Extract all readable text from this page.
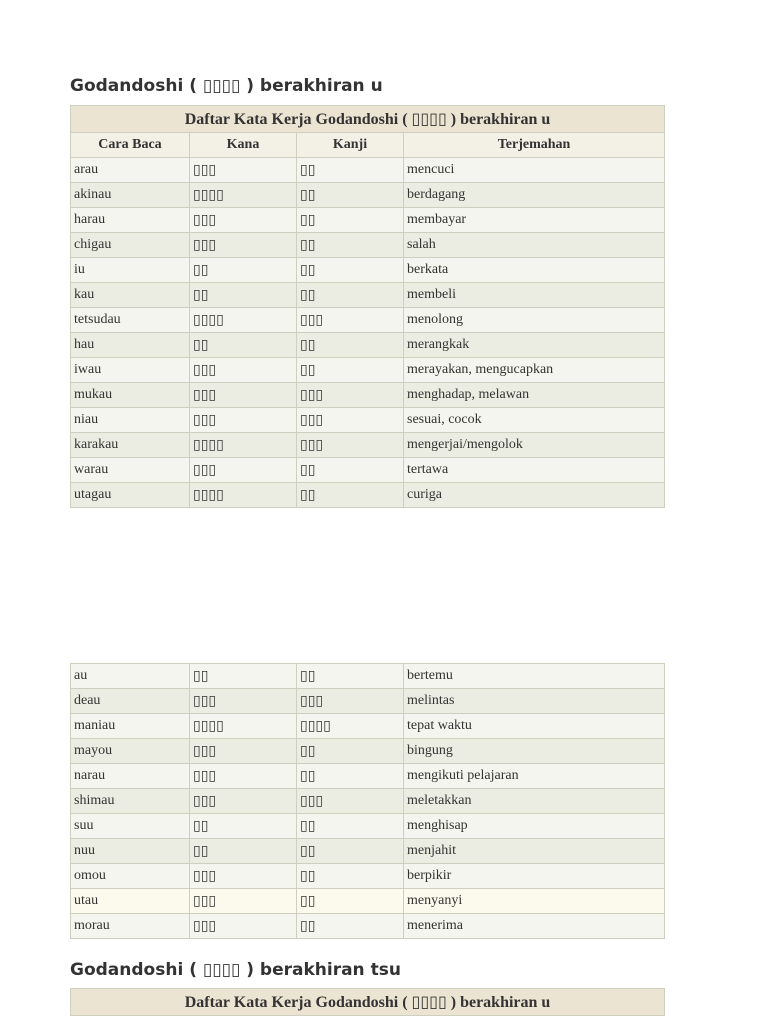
Godandoshi ( ▯▯▯▯ ) berakhiran u
Daftar Kata Kerja Godandoshi ( ▯▯▯▯ ) berakhiran u			
Cara Baca	Kana	Kanji	Terjemahan
arau	▯▯▯	▯▯	mencuci
akinau	▯▯▯▯	▯▯	berdagang
harau	▯▯▯	▯▯	membayar
chigau	▯▯▯	▯▯	salah
iu	▯▯	▯▯	berkata
kau	▯▯	▯▯	membeli
tetsudau	▯▯▯▯	▯▯▯	menolong
hau	▯▯	▯▯	merangkak
iwau	▯▯▯	▯▯	merayakan, mengucapkan
mukau	▯▯▯	▯▯▯	menghadap, melawan
niau	▯▯▯	▯▯▯	sesuai, cocok
karakau	▯▯▯▯	▯▯▯	mengerjai/mengolok
warau	▯▯▯	▯▯	tertawa
utagau	▯▯▯▯	▯▯	curiga
au	▯▯	▯▯	bertemu
deau	▯▯▯	▯▯▯	melintas
maniau	▯▯▯▯	▯▯▯▯	tepat waktu
mayou	▯▯▯	▯▯	bingung
narau	▯▯▯	▯▯	mengikuti pelajaran
shimau	▯▯▯	▯▯▯	meletakkan
suu	▯▯	▯▯	menghisap
nuu	▯▯	▯▯	menjahit
omou	▯▯▯	▯▯	berpikir
utau	▯▯▯	▯▯	menyanyi
morau	▯▯▯	▯▯	menerima
Godandoshi ( ▯▯▯▯ ) berakhiran tsu
Daftar Kata Kerja Godandoshi ( ▯▯▯▯ ) berakhiran u
